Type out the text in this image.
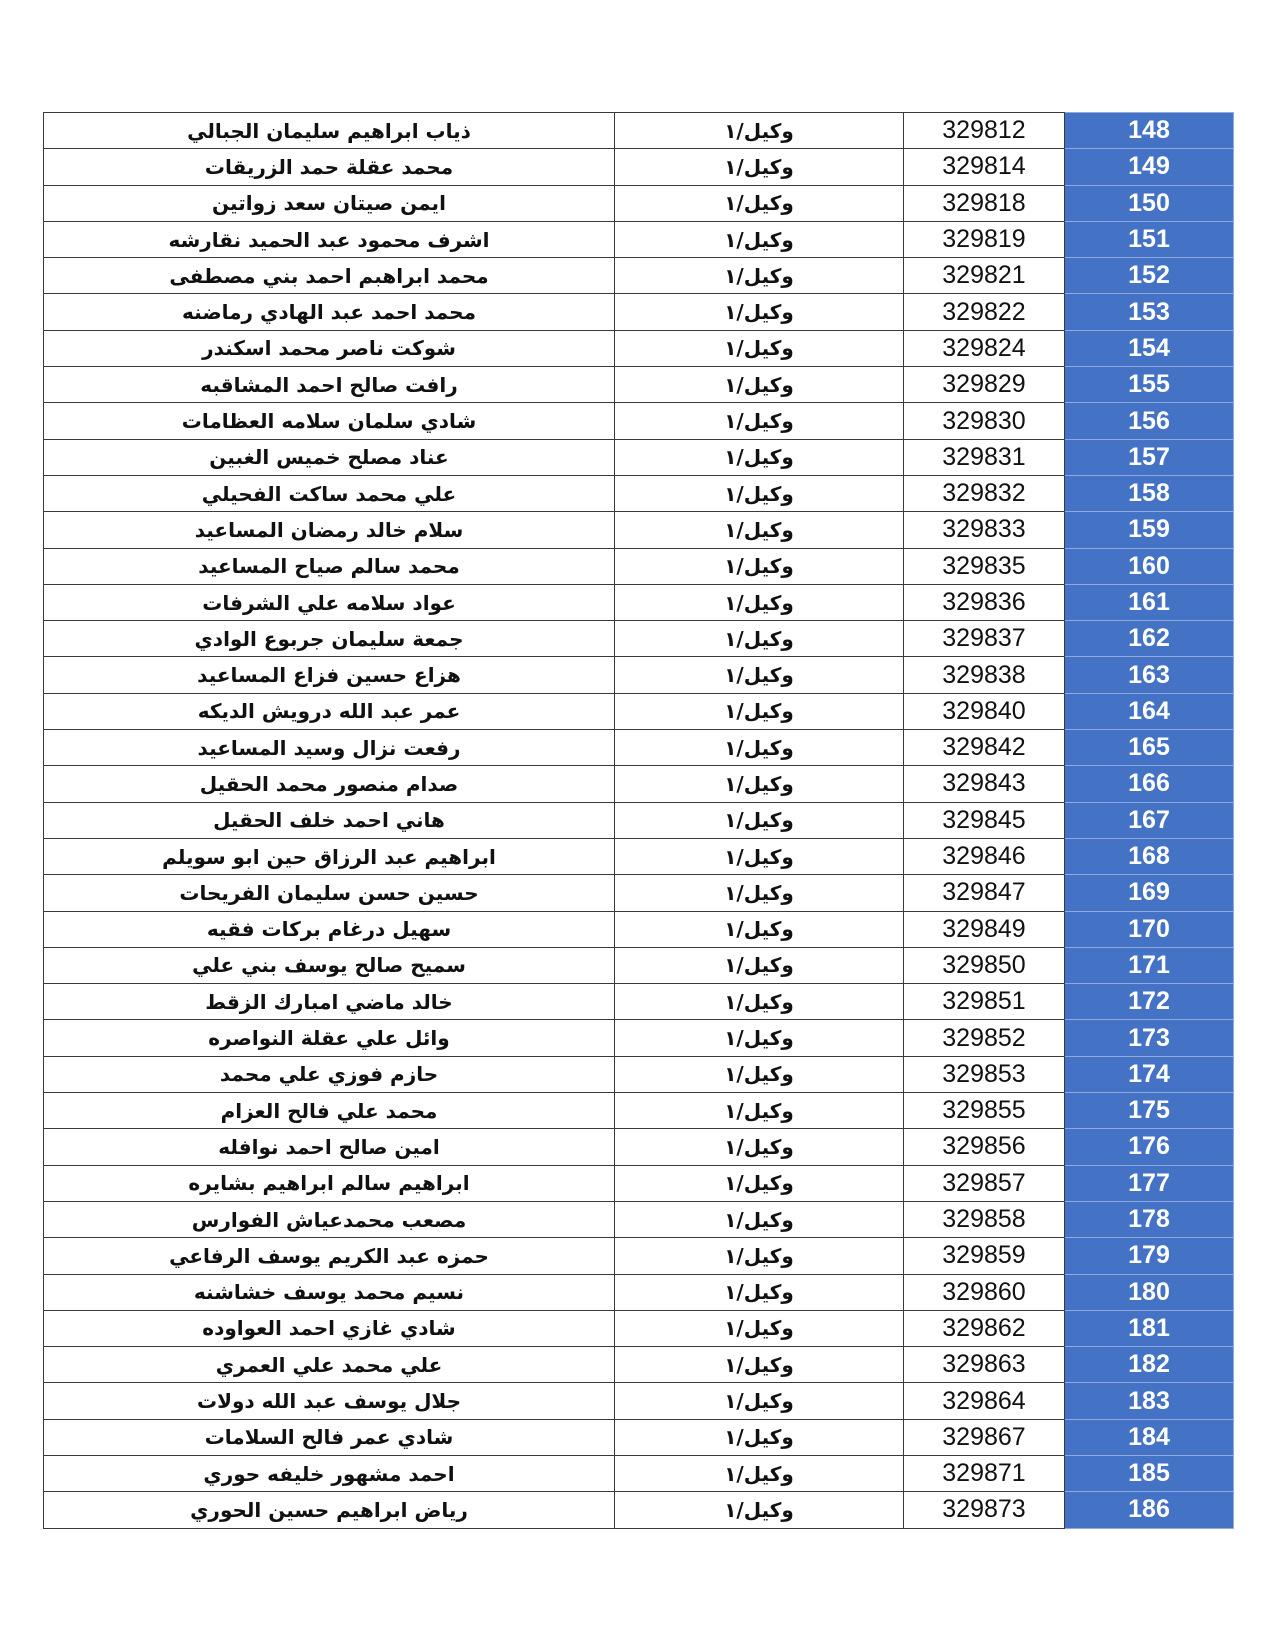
ذياب ابراهيم سليمان الجبالي	وكيل/١	329812	148
محمد عقلة حمد الزريقات	وكيل/١	329814	149
ايمن صيتان سعد زواتين	وكيل/١	329818	150
اشرف محمود عبد الحميد نقارشه	وكيل/١	329819	151
محمد ابراهبم احمد بني مصطفى	وكيل/١	329821	152
محمد احمد عبد الهادي رماضنه	وكيل/١	329822	153
شوكت ناصر محمد اسكندر	وكيل/١	329824	154
رافت صالح احمد المشاقبه	وكيل/١	329829	155
شادي سلمان سلامه العظامات	وكيل/١	329830	156
عناد مصلح خميس الغبين	وكيل/١	329831	157
علي محمد ساكت الفحيلي	وكيل/١	329832	158
سلام خالد رمضان المساعيد	وكيل/١	329833	159
محمد سالم صياح المساعيد	وكيل/١	329835	160
عواد سلامه علي الشرفات	وكيل/١	329836	161
جمعة سليمان جربوع الوادي	وكيل/١	329837	162
هزاع حسين فزاع المساعيد	وكيل/١	329838	163
عمر عبد الله درويش الديكه	وكيل/١	329840	164
رفعت نزال وسيد المساعيد	وكيل/١	329842	165
صدام منصور محمد الحقيل	وكيل/١	329843	166
هاني احمد خلف الحقيل	وكيل/١	329845	167
ابراهيم عبد الرزاق حين ابو سويلم	وكيل/١	329846	168
حسين حسن سليمان الفريحات	وكيل/١	329847	169
سهيل درغام بركات فقيه	وكيل/١	329849	170
سميح صالح يوسف بني علي	وكيل/١	329850	171
خالد ماضي امبارك الزقط	وكيل/١	329851	172
وائل علي عقلة النواصره	وكيل/١	329852	173
حازم فوزي علي محمد	وكيل/١	329853	174
محمد علي فالح العزام	وكيل/١	329855	175
امين صالح احمد نوافله	وكيل/١	329856	176
ابراهيم سالم ابراهيم بشايره	وكيل/١	329857	177
مصعب محمدعياش الفوارس	وكيل/١	329858	178
حمزه عبد الكريم يوسف الرفاعي	وكيل/١	329859	179
نسيم محمد يوسف خشاشنه	وكيل/١	329860	180
شادي غازي احمد العواوده	وكيل/١	329862	181
علي محمد علي العمري	وكيل/١	329863	182
جلال يوسف عبد الله دولات	وكيل/١	329864	183
شادي عمر فالح السلامات	وكيل/١	329867	184
احمد مشهور خليفه حوري	وكيل/١	329871	185
رياض ابراهيم حسين الحوري	وكيل/١	329873	186
